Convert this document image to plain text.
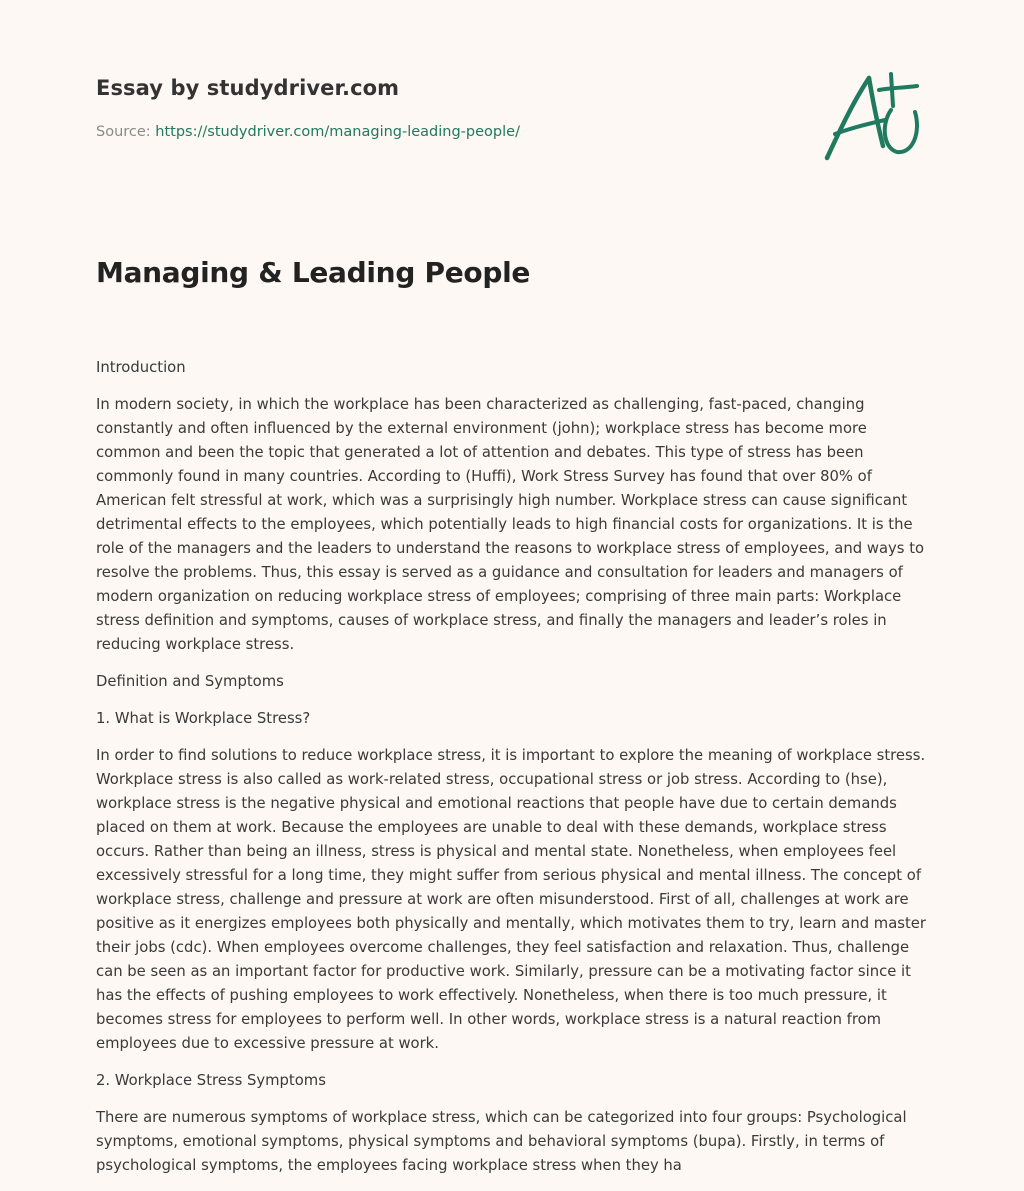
Essay by studydriver.com
Source: https://studydriver.com/managing-leading-people/
Managing & Leading People

Introduction

In modern society, in which the workplace has been characterized as challenging, fast-paced, changing constantly and often influenced by the external environment (john); workplace stress has become more common and been the topic that generated a lot of attention and debates. This type of stress has been commonly found in many countries. According to (Huffi), Work Stress Survey has found that over 80% of American felt stressful at work, which was a surprisingly high number. Workplace stress can cause significant detrimental effects to the employees, which potentially leads to high financial costs for organizations. It is the role of the managers and the leaders to understand the reasons to workplace stress of employees, and ways to resolve the problems. Thus, this essay is served as a guidance and consultation for leaders and managers of modern organization on reducing workplace stress of employees; comprising of three main parts: Workplace stress definition and symptoms, causes of workplace stress, and finally the managers and leader’s roles in reducing workplace stress.

Definition and Symptoms

1. What is Workplace Stress?

In order to find solutions to reduce workplace stress, it is important to explore the meaning of workplace stress. Workplace stress is also called as work-related stress, occupational stress or job stress. According to (hse), workplace stress is the negative physical and emotional reactions that people have due to certain demands placed on them at work. Because the employees are unable to deal with these demands, workplace stress occurs. Rather than being an illness, stress is physical and mental state. Nonetheless, when employees feel excessively stressful for a long time, they might suffer from serious physical and mental illness. The concept of workplace stress, challenge and pressure at work are often misunderstood. First of all, challenges at work are positive as it energizes employees both physically and mentally, which motivates them to try, learn and master their jobs (cdc). When employees overcome challenges, they feel satisfaction and relaxation. Thus, challenge can be seen as an important factor for productive work. Similarly, pressure can be a motivating factor since it has the effects of pushing employees to work effectively. Nonetheless, when there is too much pressure, it becomes stress for employees to perform well. In other words, workplace stress is a natural reaction from employees due to excessive pressure at work.

2. Workplace Stress Symptoms

There are numerous symptoms of workplace stress, which can be categorized into four groups: Psychological symptoms, emotional symptoms, physical symptoms and behavioral symptoms (bupa). Firstly, in terms of psychological symptoms, the employees facing workplace stress when they ha
